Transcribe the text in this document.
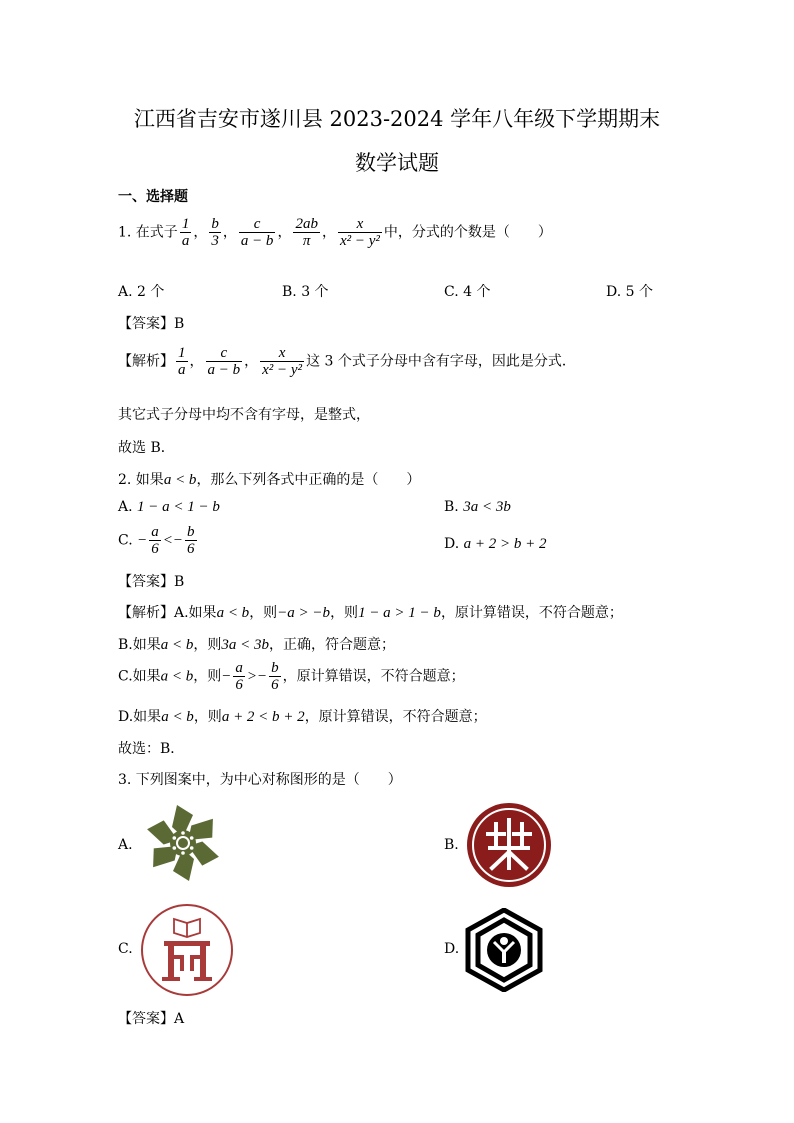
江西省吉安市遂川县 2023-2024 学年八年级下学期期末
数学试题
一、选择题
1. 在式子 $\frac{1}{a}$ ， $\frac{b}{3}$ ， $\frac{c}{a - b}$ ， $\frac{2ab}{\pi}$ ， $\frac{x}{\text{x² − y²}}$ 中，分式的个数是（　　）
A. 2 个	B. 3 个	C. 4 个	D. 5 个
【答案】B
【解析】 $\frac{1}{a}$ ， $\frac{c}{a - b}$ ， $\frac{x}{\text{x² − y²}}$ 这 3 个式子分母中含有字母，因此是分式．
其它式子分母中均不含有字母，是整式，
故选 B．
2. 如果a < b，那么下列各式中正确的是（　　）
A. 1 − a < 1 − b	B. 3a < 3b
C. − $\frac{a}{6} <- \frac{b}{6}$	D. a + 2 > b + 2
【答案】B
【解析】A.如果a < b，则−a > −b，则1 − a > 1 − b，原计算错误，不符合题意；
B.如果a < b，则3a < 3b，正确，符合题意；
C.如果a < b，则− $\frac{a}{6} >- \frac{b}{6}$ ，原计算错误，不符合题意；
D.如果a < b，则a + 2 < b + 2，原计算错误，不符合题意；
故选：B．
3. 下列图案中，为中心对称图形的是（　　）
A.	B.
C.	D.
【答案】A
